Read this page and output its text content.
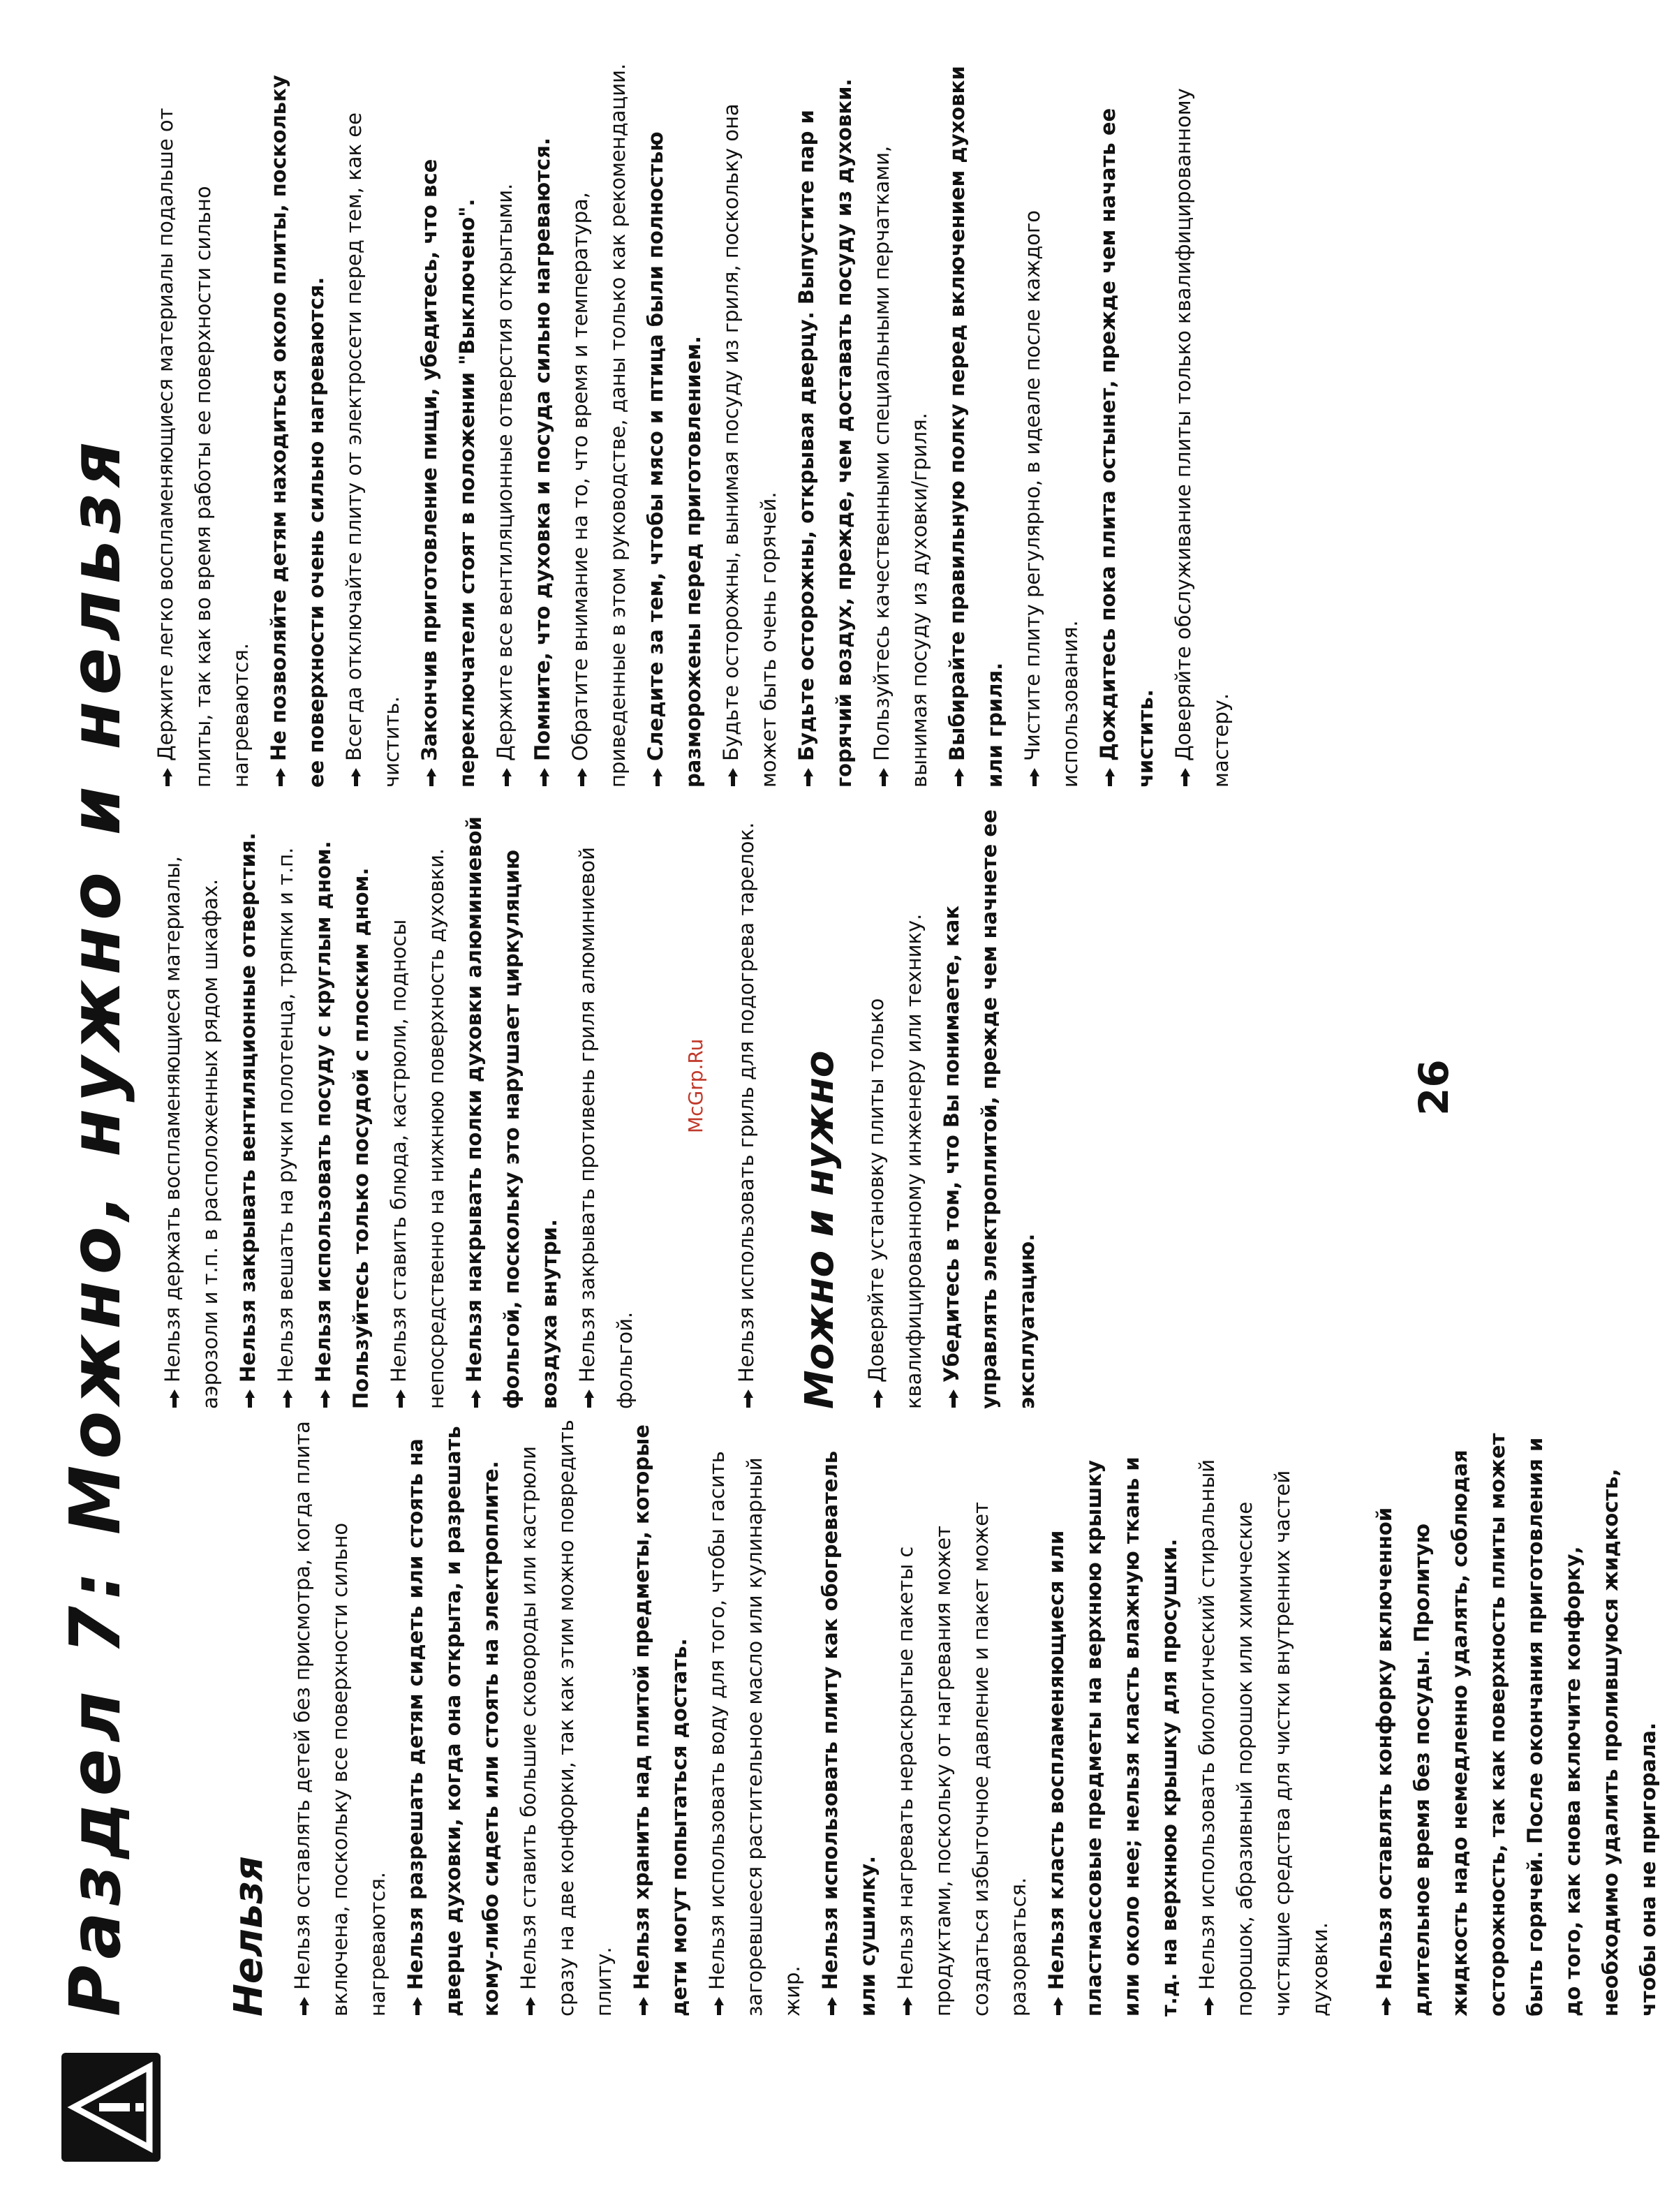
Раздел 7: Можно, нужно и нельзя Нельзя Нельзя оставлять детей без присмотра, когда плита включена, поскольку все поверхности сильно нагреваются. Нельзя разрешать детям сидеть или стоять на дверце духовки, когда она открыта, и разрешать кому-либо сидеть или стоять на электроплите. Нельзя ставить большие сковороды или кастрюли сразу на две конфорки, так как этим можно повредить плиту. Нельзя хранить над плитой предметы, которые дети могут попытаться достать. Нельзя использовать воду для того, чтобы гасить загоревшееся растительное масло или кулинарный жир.

Нельзя использовать плиту как обогреватель или сушилку. Нельзя нагревать нераскрытые пакеты с продуктами, поскольку от нагревания может создаться избыточное давление и пакет может разорваться. Нельзя класть воспламеняющиеся или пластмассовые предметы на верхнюю крышку или около нее; нельзя класть влажную ткань и т.д. на верхнюю крышку для просушки. Нельзя использовать биологический стиральный порошок, абразивный порошок или химические чистящие средства для чистки внутренних частей духовки.	Нельзя оставлять конфорку включенной длительное время без посуды. Пролитую жидкость надо немедленно удалять, соблюдая осторожность, так как поверхность плиты может быть горячей. После окончания приготовления и до того, как снова включите конфорку, необходимо удалить пролившуюся жидкость, чтобы она не пригорала.

Нельзя держать воспламеняющиеся материалы, аэрозоли и т.п. в расположенных рядом шкафах. Нельзя закрывать вентиляционные отверстия. Нельзя вешать на ручки полотенца, тряпки и т.п. Нельзя использовать посуду с круглым дном. Пользуйтесь только посудой с плоским дном. Нельзя ставить блюда, кастрюли, подносы непосредственно на нижнюю поверхность духовки. Нельзя накрывать полки духовки алюминиевой фольгой, поскольку это нарушает циркуляцию воздуха внутри. Нельзя закрывать противень гриля алюминиевой фольгой.	Нельзя использовать гриль для подогрева тарелок. Можно и нужно	Доверяйте установку плиты только квалифицированному инженеру или технику. Убедитесь в том, что Вы понимаете, как управлять электроплитой, прежде чем начнете ее эксплуатацию.

Держите легко воспламеняющиеся материалы подальше от плиты, так как во время работы ее поверхности сильно нагреваются. Не позволяйте детям находиться около плиты, поскольку ее поверхности очень сильно нагреваются. Всегда отключайте плиту от электросети перед тем, как ее чистить. Закончив приготовление пищи, убедитесь, что все переключатели стоят в положении "Выключено". Держите все вентиляционные отверстия открытыми. Помните, что духовка и посуда сильно нагреваются. Обратите внимание на то, что время и температура, приведенные в этом руководстве, даны только как рекомендации. Следите за тем, чтобы мясо и птица были полностью разморожены перед приготовлением. Будьте осторожны, вынимая посуду из гриля, поскольку она может быть очень горячей. Будьте осторожны, открывая дверцу. Выпустите пар и горячий воздух, прежде, чем доставать посуду из духовки. Пользуйтесь качественными специальными перчатками, вынимая посуду из духовки/гриля. Выбирайте правильную полку перед включением духовки или гриля. Чистите плиту регулярно, в идеале после каждого использования. Дождитесь пока плита остынет, прежде чем начать ее чистить. Доверяйте обслуживание плиты только квалифицированному мастеру.

McGrp.Ru	26
